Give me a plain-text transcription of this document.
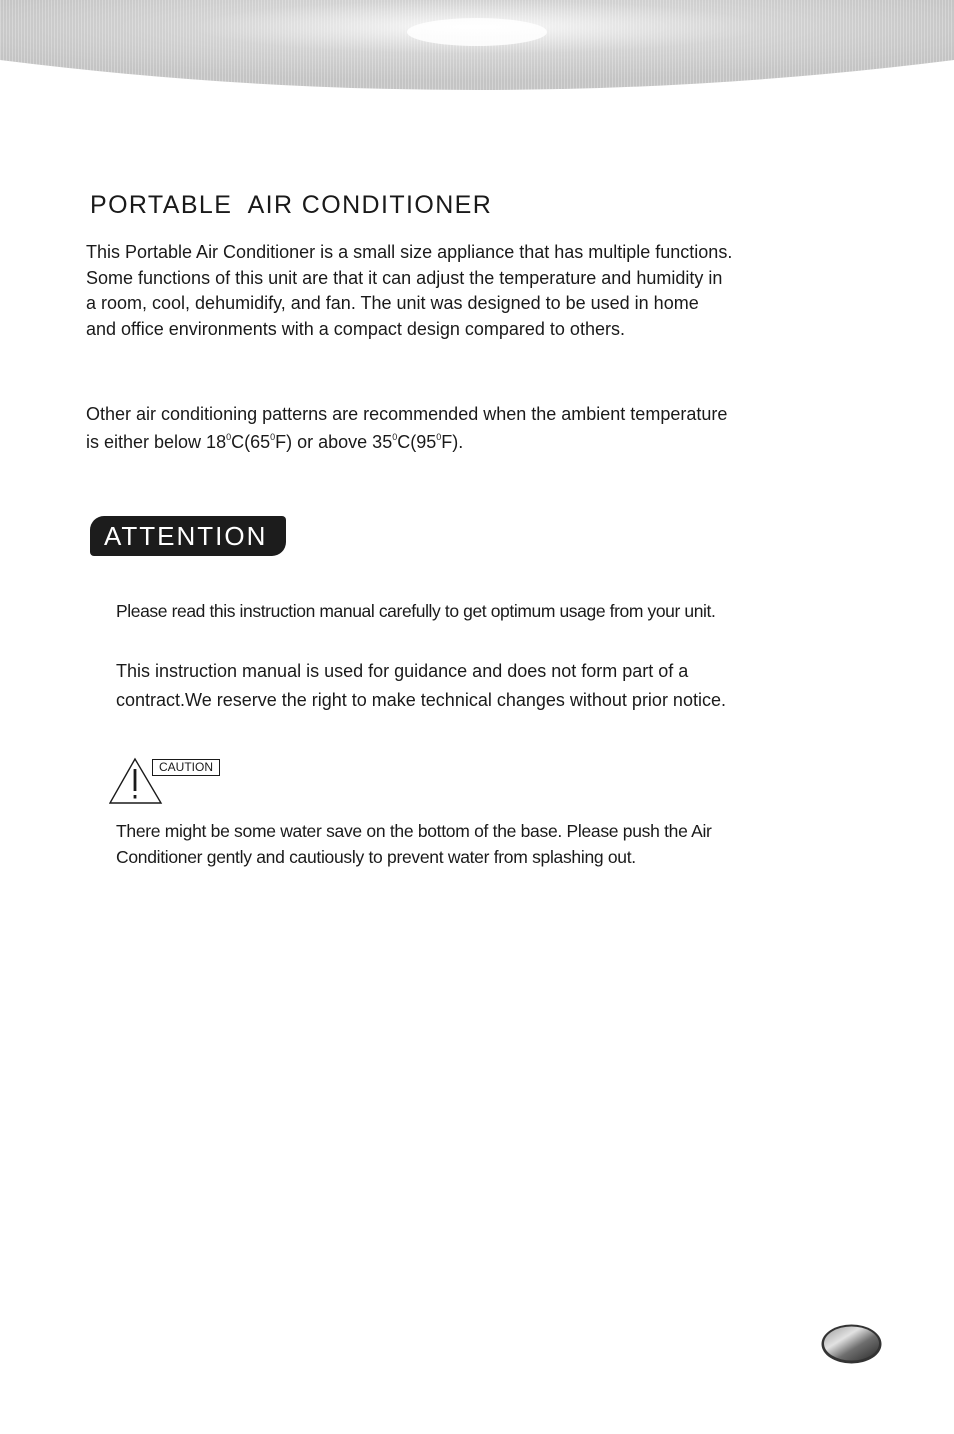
PORTABLE  AIR CONDITIONER

This Portable Air Conditioner is a small size appliance that has multiple functions.
Some functions of this unit are that it can adjust the temperature and humidity in
a room, cool, dehumidify, and fan. The unit was designed to be used in home
and office environments with a compact design compared to others.

Other air conditioning patterns are recommended when the ambient temperature
is either below $18^0C(65^0F)$ or above $35^0C(95^0F)$.

ATTENTION

Please read this instruction manual carefully to get optimum usage from your unit.

This instruction manual is used for guidance and does not form part of a
contract.We reserve the right to make technical changes without prior notice.

CAUTION

There might be some water save on the bottom of the base. Please push the Air
Conditioner gently and cautiously to prevent water from splashing out.
